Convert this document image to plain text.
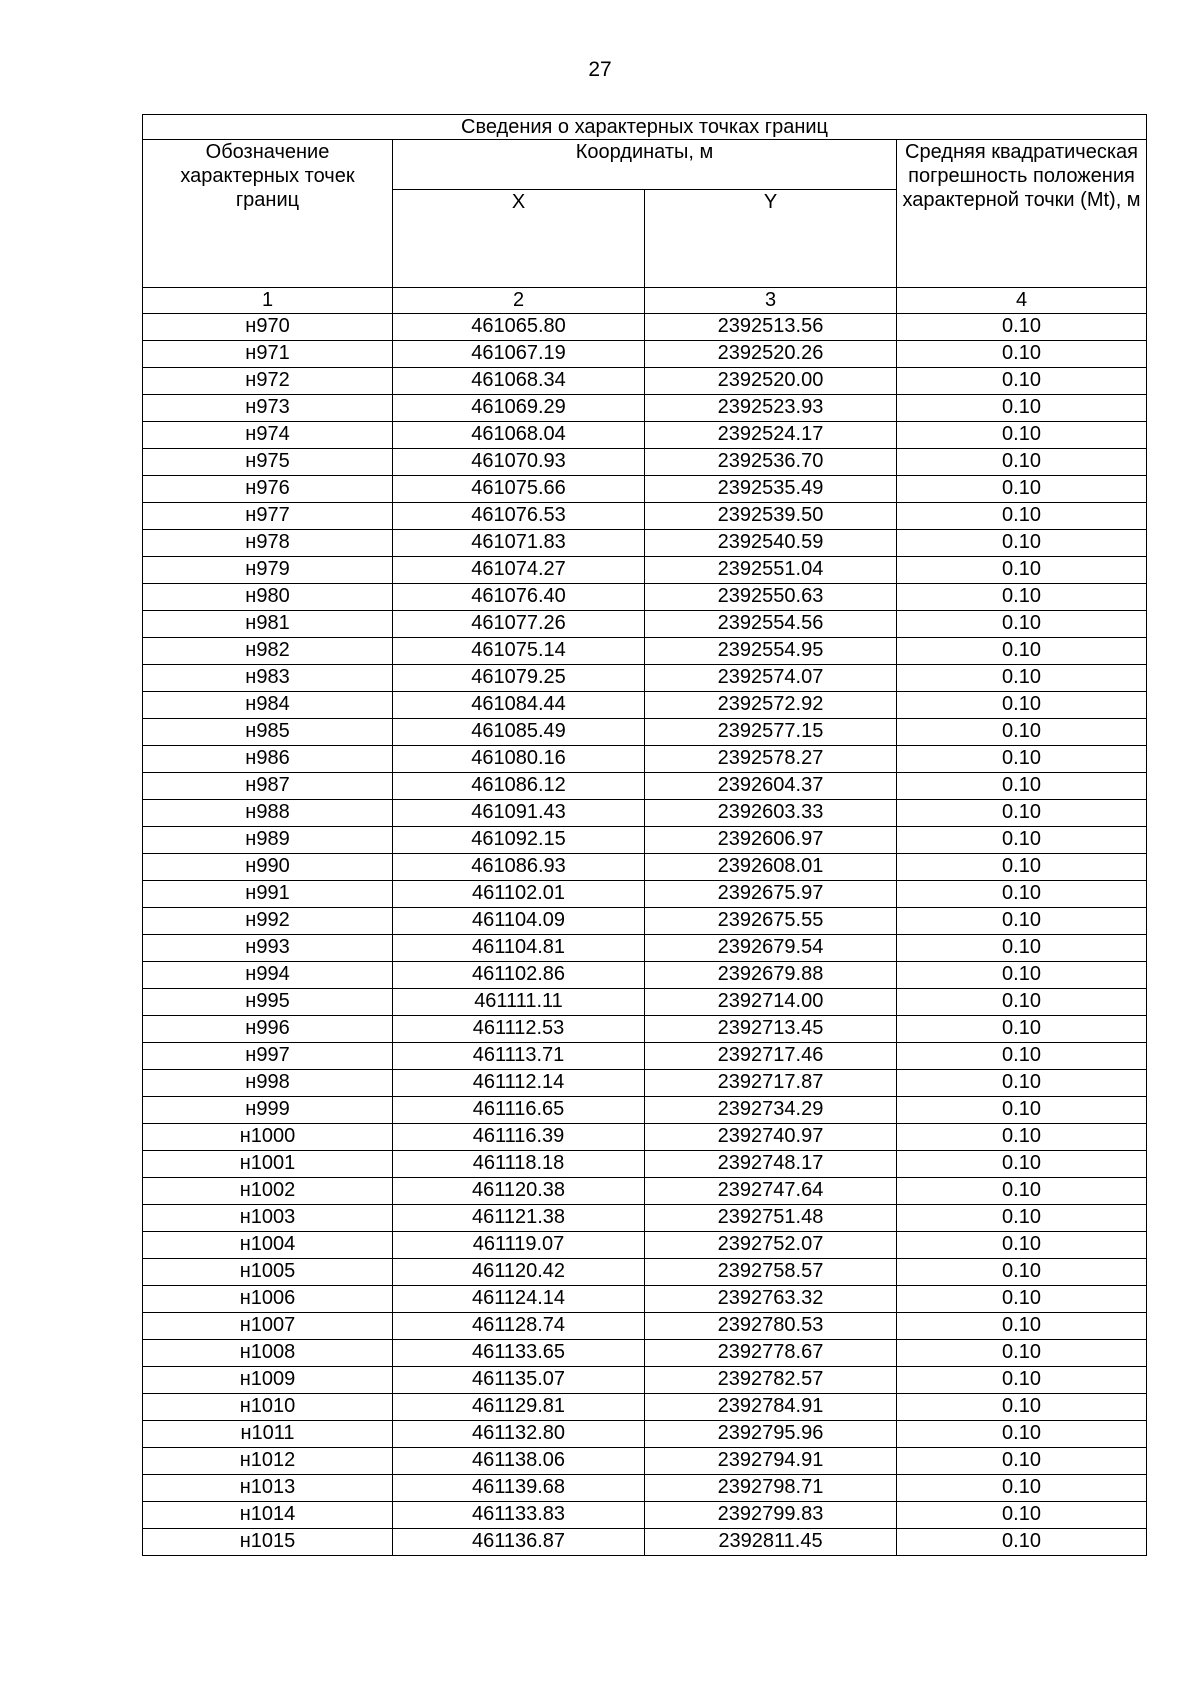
27
Сведения о характерных точках границ			
Обозначение характерных точек границ	Координаты, м		Средняя квадратическая погрешность положения характерной точки (Mt), м
	X	Y	
1	2	3	4
н970	461065.80	2392513.56	0.10
н971	461067.19	2392520.26	0.10
н972	461068.34	2392520.00	0.10
н973	461069.29	2392523.93	0.10
н974	461068.04	2392524.17	0.10
н975	461070.93	2392536.70	0.10
н976	461075.66	2392535.49	0.10
н977	461076.53	2392539.50	0.10
н978	461071.83	2392540.59	0.10
н979	461074.27	2392551.04	0.10
н980	461076.40	2392550.63	0.10
н981	461077.26	2392554.56	0.10
н982	461075.14	2392554.95	0.10
н983	461079.25	2392574.07	0.10
н984	461084.44	2392572.92	0.10
н985	461085.49	2392577.15	0.10
н986	461080.16	2392578.27	0.10
н987	461086.12	2392604.37	0.10
н988	461091.43	2392603.33	0.10
н989	461092.15	2392606.97	0.10
н990	461086.93	2392608.01	0.10
н991	461102.01	2392675.97	0.10
н992	461104.09	2392675.55	0.10
н993	461104.81	2392679.54	0.10
н994	461102.86	2392679.88	0.10
н995	461111.11	2392714.00	0.10
н996	461112.53	2392713.45	0.10
н997	461113.71	2392717.46	0.10
н998	461112.14	2392717.87	0.10
н999	461116.65	2392734.29	0.10
н1000	461116.39	2392740.97	0.10
н1001	461118.18	2392748.17	0.10
н1002	461120.38	2392747.64	0.10
н1003	461121.38	2392751.48	0.10
н1004	461119.07	2392752.07	0.10
н1005	461120.42	2392758.57	0.10
н1006	461124.14	2392763.32	0.10
н1007	461128.74	2392780.53	0.10
н1008	461133.65	2392778.67	0.10
н1009	461135.07	2392782.57	0.10
н1010	461129.81	2392784.91	0.10
н1011	461132.80	2392795.96	0.10
н1012	461138.06	2392794.91	0.10
н1013	461139.68	2392798.71	0.10
н1014	461133.83	2392799.83	0.10
н1015	461136.87	2392811.45	0.10
